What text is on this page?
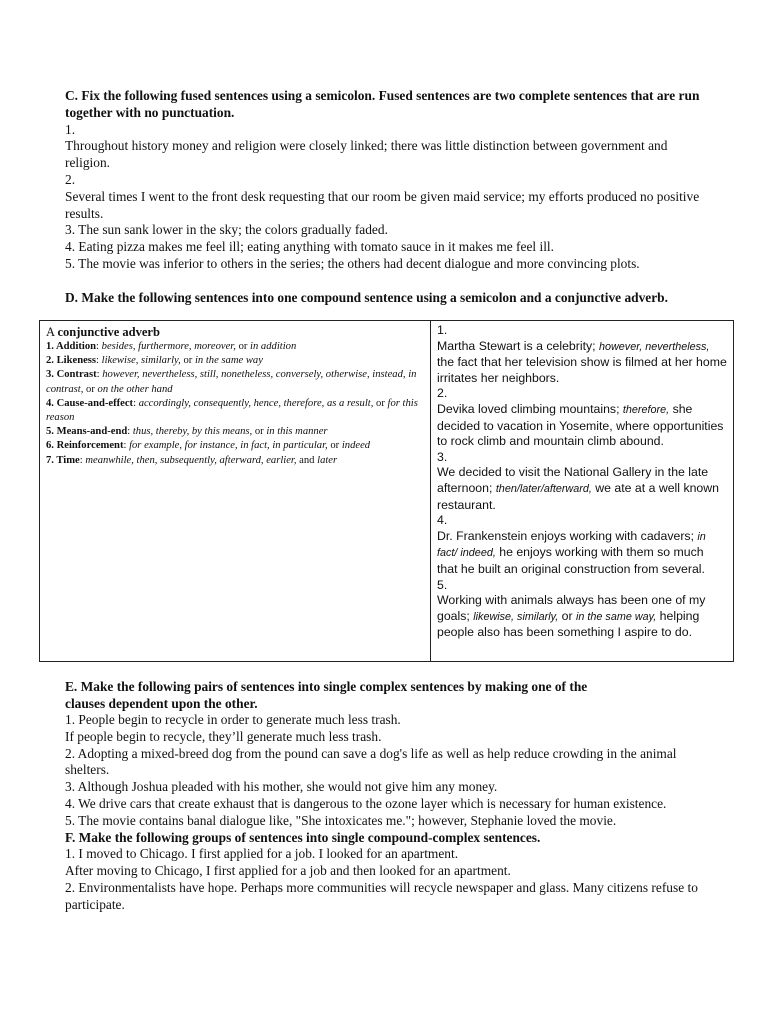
C. Fix the following fused sentences using a semicolon. Fused sentences are two complete sentences that are run together with no punctuation.
1.
Throughout history money and religion were closely linked; there was little distinction between government and religion.
2.
Several times I went to the front desk requesting that our room be given maid service; my efforts produced no positive results.
3. The sun sank lower in the sky; the colors gradually faded.
4. Eating pizza makes me feel ill; eating anything with tomato sauce in it makes me feel ill.
5. The movie was inferior to others in the series; the others had decent dialogue and more convincing plots.
D. Make the following sentences into one compound sentence using a semicolon and a conjunctive adverb.
A conjunctive adverb
1. Addition: besides, furthermore, moreover, or in addition
2. Likeness: likewise, similarly, or in the same way
3. Contrast: however, nevertheless, still, nonetheless, conversely, otherwise, instead, in contrast, or on the other hand
4. Cause-and-effect: accordingly, consequently, hence, therefore, as a result, or for this reason
5. Means-and-end: thus, thereby, by this means, or in this manner
6. Reinforcement: for example, for instance, in fact, in particular, or indeed
7. Time: meanwhile, then, subsequently, afterward, earlier, and later

1.
Martha Stewart is a celebrity; however, nevertheless, the fact that her television show is filmed at her home irritates her neighbors.
2.
Devika loved climbing mountains; therefore, she decided to vacation in Yosemite, where opportunities to rock climb and mountain climb abound.
3.
We decided to visit the National Gallery in the late afternoon; then/later/afterward, we ate at a well known restaurant.
4.
Dr. Frankenstein enjoys working with cadavers; in fact/ indeed, he enjoys working with them so much that he built an original construction from several.
5.
Working with animals always has been one of my goals; likewise, similarly, or in the same way, helping people also has been something I aspire to do.
E. Make the following pairs of sentences into single complex sentences by making one of the clauses dependent upon the other.
1. People begin to recycle in order to generate much less trash.
If people begin to recycle, they’ll generate much less trash.
2. Adopting a mixed-breed dog from the pound can save a dog's life as well as help reduce crowding in the animal shelters.
3. Although Joshua pleaded with his mother, she would not give him any money.
4. We drive cars that create exhaust that is dangerous to the ozone layer which is necessary for human existence.
5. The movie contains banal dialogue like, "She intoxicates me."; however, Stephanie loved the movie.
F. Make the following groups of sentences into single compound-complex sentences.
1. I moved to Chicago. I first applied for a job. I looked for an apartment.
After moving to Chicago, I first applied for a job and then looked for an apartment.
2. Environmentalists have hope. Perhaps more communities will recycle newspaper and glass. Many citizens refuse to participate.
